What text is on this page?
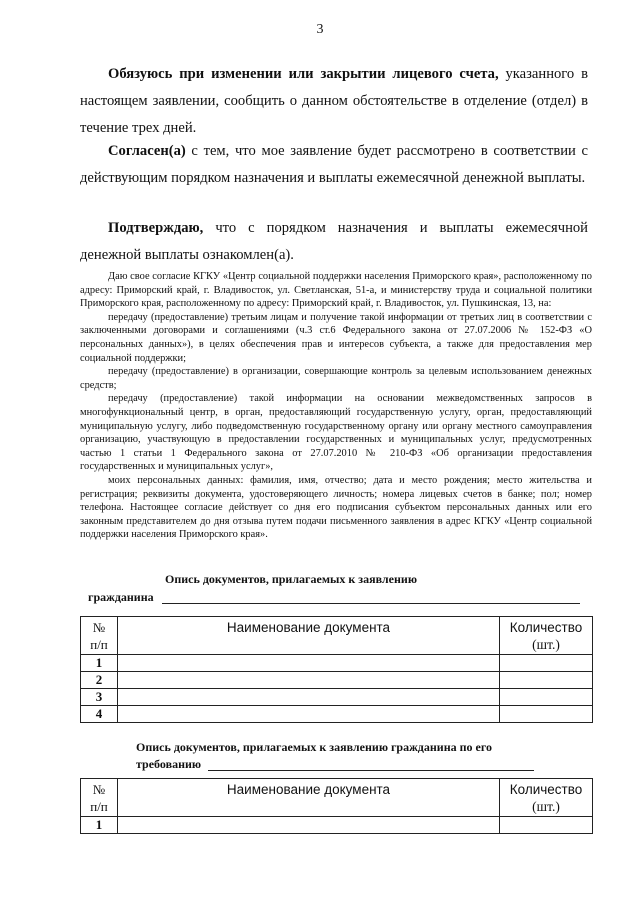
3

Обязуюсь при изменении или закрытии лицевого счета, указанного в настоящем заявлении, сообщить о данном обстоятельстве в отделение (отдел) в течение трех дней.

Согласен(а) с тем, что мое заявление будет рассмотрено в соответствии с действующим порядком назначения и выплаты ежемесячной денежной выплаты.

Подтверждаю, что с порядком назначения и выплаты ежемесячной денежной выплаты ознакомлен(а).

Даю свое согласие КГКУ «Центр социальной поддержки населения Приморского края», расположенному по адресу: Приморский край, г. Владивосток, ул. Светланская, 51-а, и министерству труда и социальной политики Приморского края, расположенному по адресу: Приморский край, г. Владивосток, ул. Пушкинская, 13, на:

передачу (предоставление) третьим лицам и получение такой информации от третьих лиц в соответствии с заключенными договорами и соглашениями (ч.3 ст.6 Федерального закона от 27.07.2006 № 152-ФЗ «О персональных данных»), в целях обеспечения прав и интересов субъекта, а также для предоставления мер социальной поддержки;

передачу (предоставление) в организации, совершающие контроль за целевым использованием денежных средств;

передачу (предоставление) такой информации на основании межведомственных запросов в многофункциональный центр, в орган, предоставляющий государственную услугу, орган, предоставляющий муниципальную услугу, либо подведомственную государственному органу или органу местного самоуправления организацию, участвующую в предоставлении государственных и муниципальных услуг, предусмотренных частью 1 статьи 1 Федерального закона от 27.07.2010 № 210-ФЗ «Об организации предоставления государственных и муниципальных услуг»,

моих персональных данных: фамилия, имя, отчество; дата и место рождения; место жительства и регистрация; реквизиты документа, удостоверяющего личность; номера лицевых счетов в банке; пол; номер телефона. Настоящее согласие действует со дня его подписания субъектом персональных данных или его законным представителем до дня отзыва путем подачи письменного заявления в адрес КГКУ «Центр социальной поддержки населения Приморского края».

Опись документов, прилагаемых к заявлению
гражданина
№
п/п	Наименование документа	Количество
(шт.)
1		
2		
3		
4		
Опись документов, прилагаемых к заявлению гражданина по его
требованию
№
п/п	Наименование документа	Количество
(шт.)
1		
